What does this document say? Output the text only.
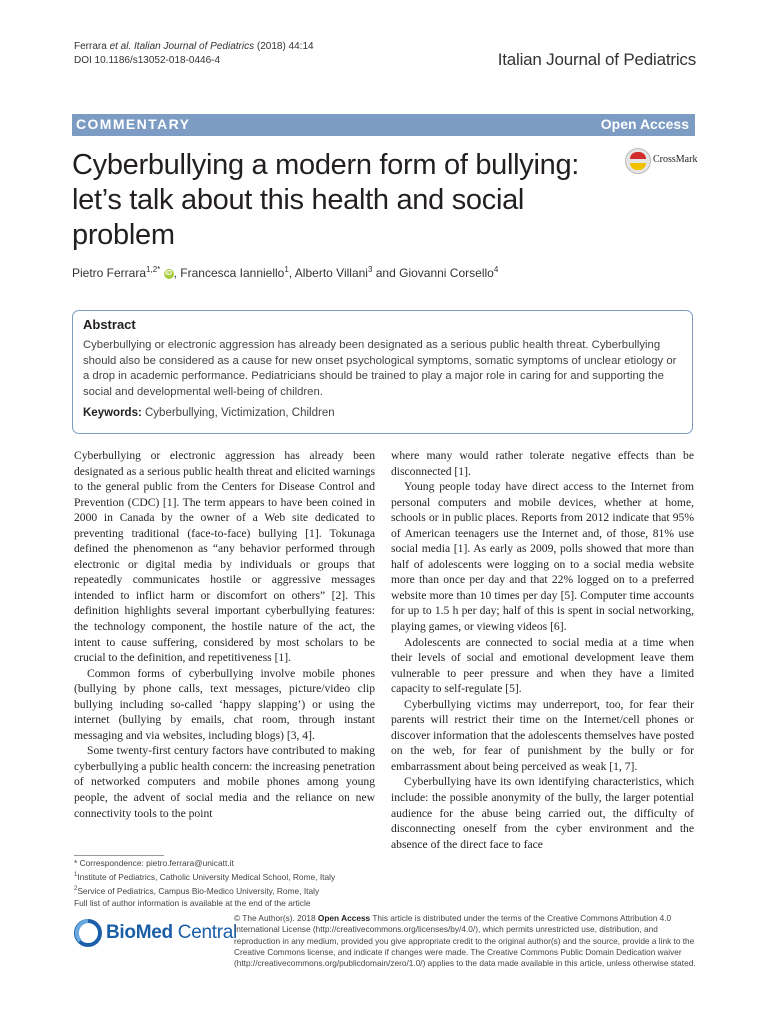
Ferrara et al. Italian Journal of Pediatrics (2018) 44:14
DOI 10.1186/s13052-018-0446-4	Italian Journal of Pediatrics
COMMENTARY	Open Access
Cyberbullying a modern form of bullying: let’s talk about this health and social problem
CrossMark
Pietro Ferrara$^{1,2*}$ iD , Francesca Ianniello$^1$, Alberto Villani$^3$ and Giovanni Corsello$^4$
Abstract
Cyberbullying or electronic aggression has already been designated as a serious public health threat. Cyberbullying should also be considered as a cause for new onset psychological symptoms, somatic symptoms of unclear etiology or a drop in academic performance. Pediatricians should be trained to play a major role in caring for and supporting the social and developmental well-being of children.
Keywords: Cyberbullying, Victimization, Children

Cyberbullying or electronic aggression has already been designated as a serious public health threat and elicited warnings to the general public from the Centers for Disease Control and Prevention (CDC) [1]. The term appears to have been coined in 2000 in Canada by the owner of a Web site dedicated to preventing traditional (face-to-face) bullying [1]. Tokunaga defined the phenomenon as “any behavior performed through electronic or digital media by individuals or groups that repeatedly communicates hostile or aggressive messages intended to inflict harm or discomfort on others” [2]. This definition highlights several important cyberbullying features: the technology component, the hostile nature of the act, the intent to cause suffering, considered by most scholars to be crucial to the definition, and repetitiveness [1].

Common forms of cyberbullying involve mobile phones (bullying by phone calls, text messages, picture/video clip bullying including so-called ‘happy slapping’) or using the internet (bullying by emails, chat room, through instant messaging and via websites, including blogs) [3, 4].

Some twenty-first century factors have contributed to making cyberbullying a public health concern: the increasing penetration of networked computers and mobile phones among young people, the advent of social media and the reliance on new connectivity tools to the point

where many would rather tolerate negative effects than be disconnected [1].

Young people today have direct access to the Internet from personal computers and mobile devices, whether at home, schools or in public places. Reports from 2012 indicate that 95% of American teenagers use the Internet and, of those, 81% use social media [1]. As early as 2009, polls showed that more than half of adolescents were logging on to a social media website more than once per day and that 22% logged on to a preferred website more than 10 times per day [5]. Computer time accounts for up to 1.5 h per day; half of this is spent in social networking, playing games, or viewing videos [6].

Adolescents are connected to social media at a time when their levels of social and emotional development leave them vulnerable to peer pressure and when they have a limited capacity to self-regulate [5].

Cyberbullying victims may underreport, too, for fear their parents will restrict their time on the Internet/cell phones or discover information that the adolescents themselves have posted on the web, for fear of punishment by the bully or for embarrassment about being perceived as weak [1, 7].

Cyberbullying have its own identifying characteristics, which include: the possible anonymity of the bully, the larger potential audience for the abuse being carried out, the difficulty of disconnecting oneself from the cyber environment and the absence of the direct face to face

* Correspondence: pietro.ferrara@unicatt.it
$^1$Institute of Pediatrics, Catholic University Medical School, Rome, Italy
$^2$Service of Pediatrics, Campus Bio-Medico University, Rome, Italy
Full list of author information is available at the end of the article
BioMed Central
© The Author(s). 2018 Open Access This article is distributed under the terms of the Creative Commons Attribution 4.0 International License (http://creativecommons.org/licenses/by/4.0/), which permits unrestricted use, distribution, and reproduction in any medium, provided you give appropriate credit to the original author(s) and the source, provide a link to the Creative Commons license, and indicate if changes were made. The Creative Commons Public Domain Dedication waiver (http://creativecommons.org/publicdomain/zero/1.0/) applies to the data made available in this article, unless otherwise stated.
